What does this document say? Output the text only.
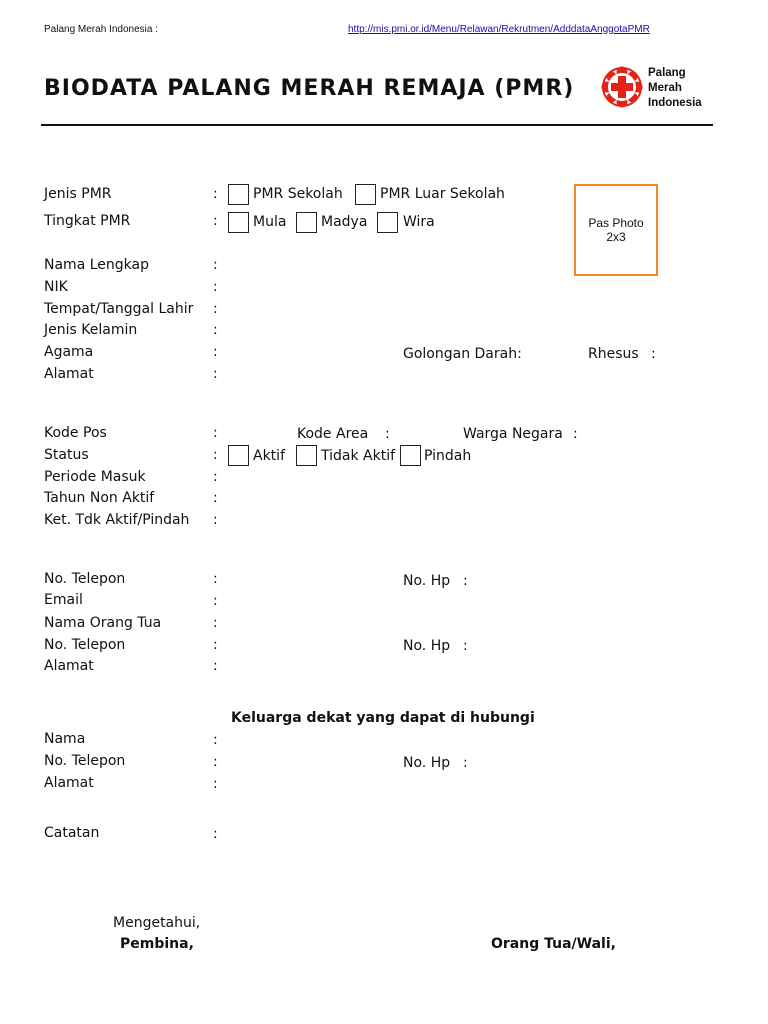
Palang Merah Indonesia :	http://mis.pmi.or.id/Menu/Relawan/Rekrutmen/AdddataAnggotaPMR
BIODATA PALANG MERAH REMAJA (PMR)
Palang
Merah
Indonesia
Pas Photo
2x3
Jenis PMR	:	PMR Sekolah	PMR Luar Sekolah
Tingkat PMR	:	Mula Madya	Wira
Nama Lengkap	:
NIK	:
Tempat/Tanggal Lahir :
Jenis Kelamin	:
Agama	:	Golongan Darah:	Rhesus :
Alamat	:
Kode Pos	:	Kode Area :	Warga Negara :
Status	:	Aktif	Tidak Aktif Pindah
Periode Masuk	:
Tahun Non Aktif	:
Ket. Tdk Aktif/Pindah :
No. Telepon	:	No. Hp :
Email	:
Nama Orang Tua	:
No. Telepon	:	No. Hp :
Alamat	:
Keluarga dekat yang dapat di hubungi
Nama	:
No. Telepon	:	No. Hp :
Alamat	:
Catatan	:
Mengetahui,
Pembina,	Orang Tua/Wali,
